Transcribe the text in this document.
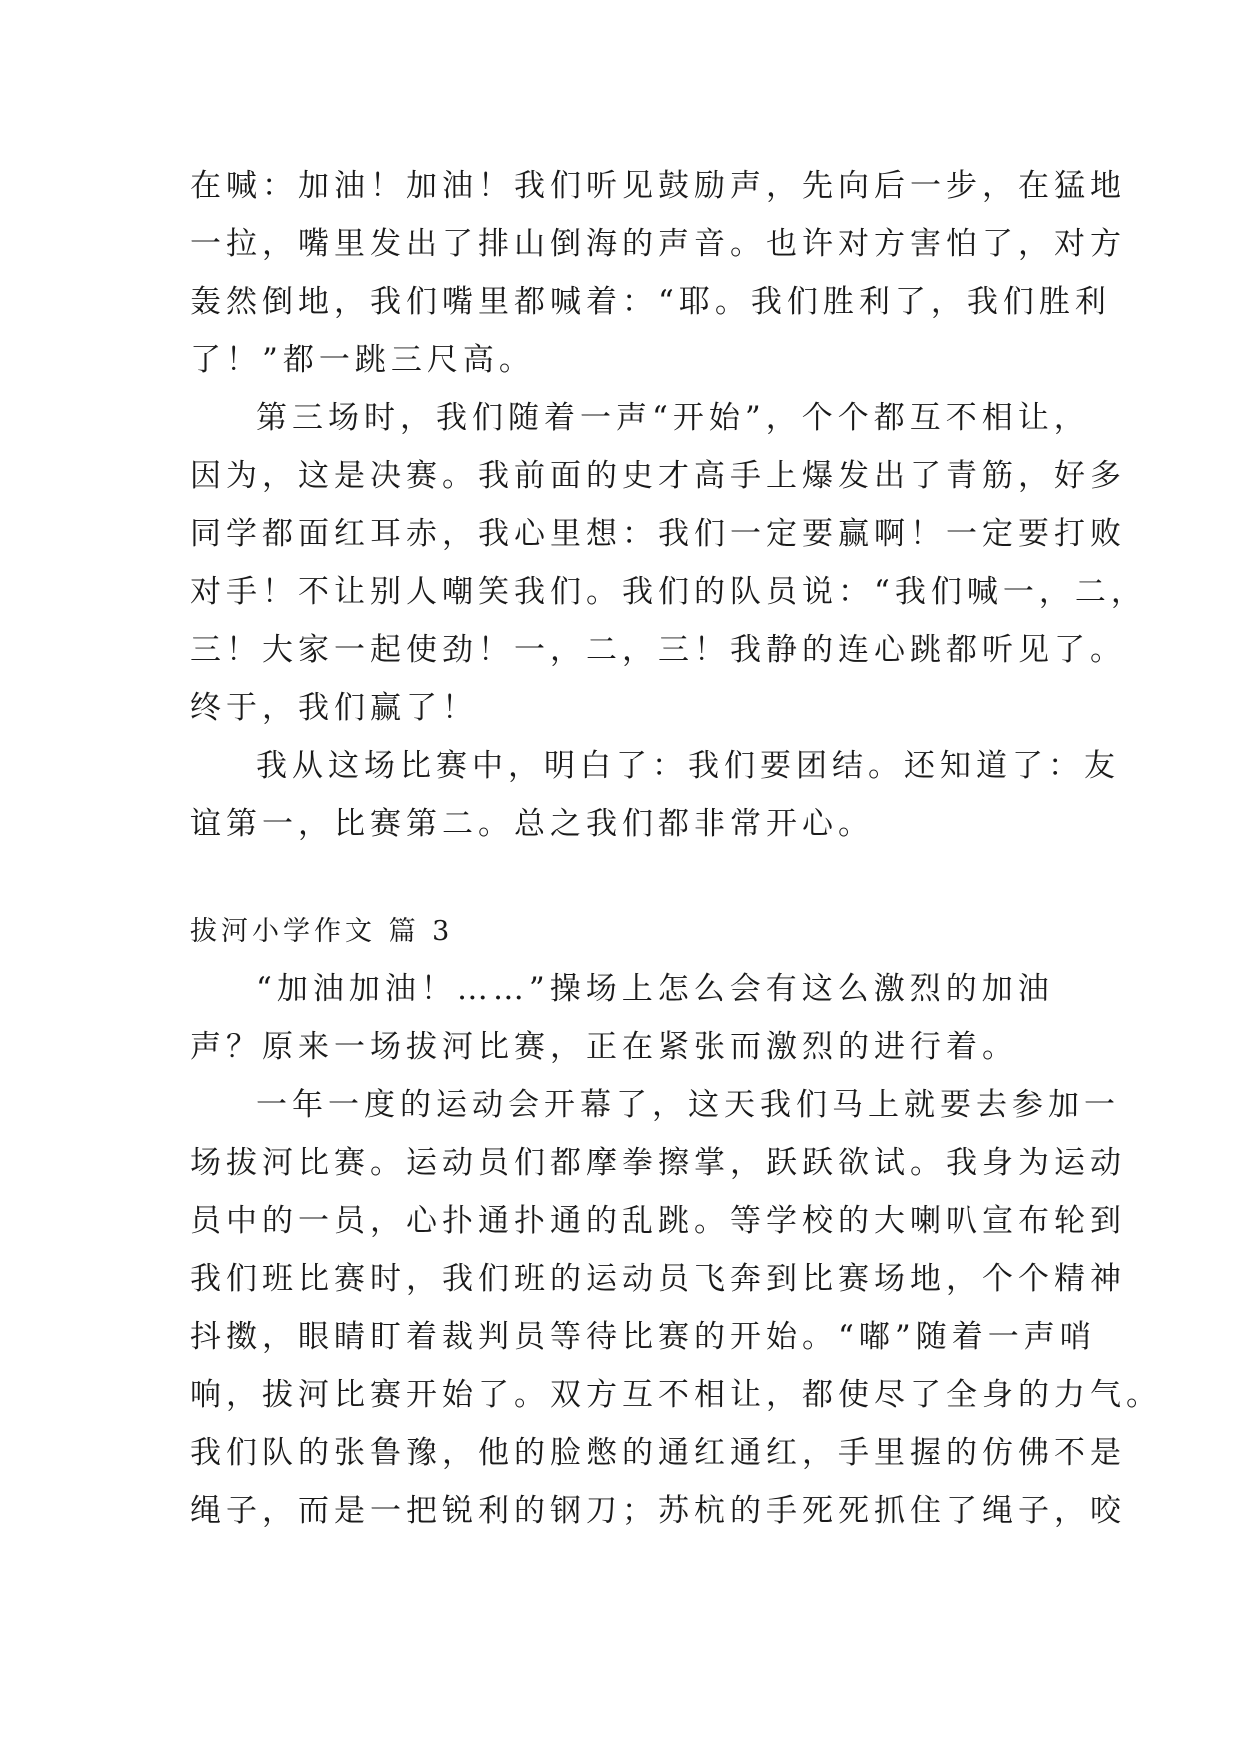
在喊：加油！加油！我们听见鼓励声，先向后一步，在猛地
一拉，嘴里发出了排山倒海的声音。也许对方害怕了，对方
轰然倒地，我们嘴里都喊着：“耶。我们胜利了，我们胜利
了！”都一跳三尺高。
第三场时，我们随着一声“开始”，个个都互不相让，
因为，这是决赛。我前面的史才高手上爆发出了青筋，好多
同学都面红耳赤，我心里想：我们一定要赢啊！一定要打败
对手！不让别人嘲笑我们。我们的队员说：“我们喊一，二，
三！大家一起使劲！一，二，三！我静的连心跳都听见了。
终于，我们赢了！
我从这场比赛中，明白了：我们要团结。还知道了：友
谊第一，比赛第二。总之我们都非常开心。
拔河小学作文 篇 3
“加油加油！……”操场上怎么会有这么激烈的加油
声？原来一场拔河比赛，正在紧张而激烈的进行着。
一年一度的运动会开幕了，这天我们马上就要去参加一
场拔河比赛。运动员们都摩拳擦掌，跃跃欲试。我身为运动
员中的一员，心扑通扑通的乱跳。等学校的大喇叭宣布轮到
我们班比赛时，我们班的运动员飞奔到比赛场地，个个精神
抖擞，眼睛盯着裁判员等待比赛的开始。“嘟”随着一声哨
响，拔河比赛开始了。双方互不相让，都使尽了全身的力气。
我们队的张鲁豫，他的脸憋的通红通红，手里握的仿佛不是
绳子，而是一把锐利的钢刀；苏杭的手死死抓住了绳子，咬
